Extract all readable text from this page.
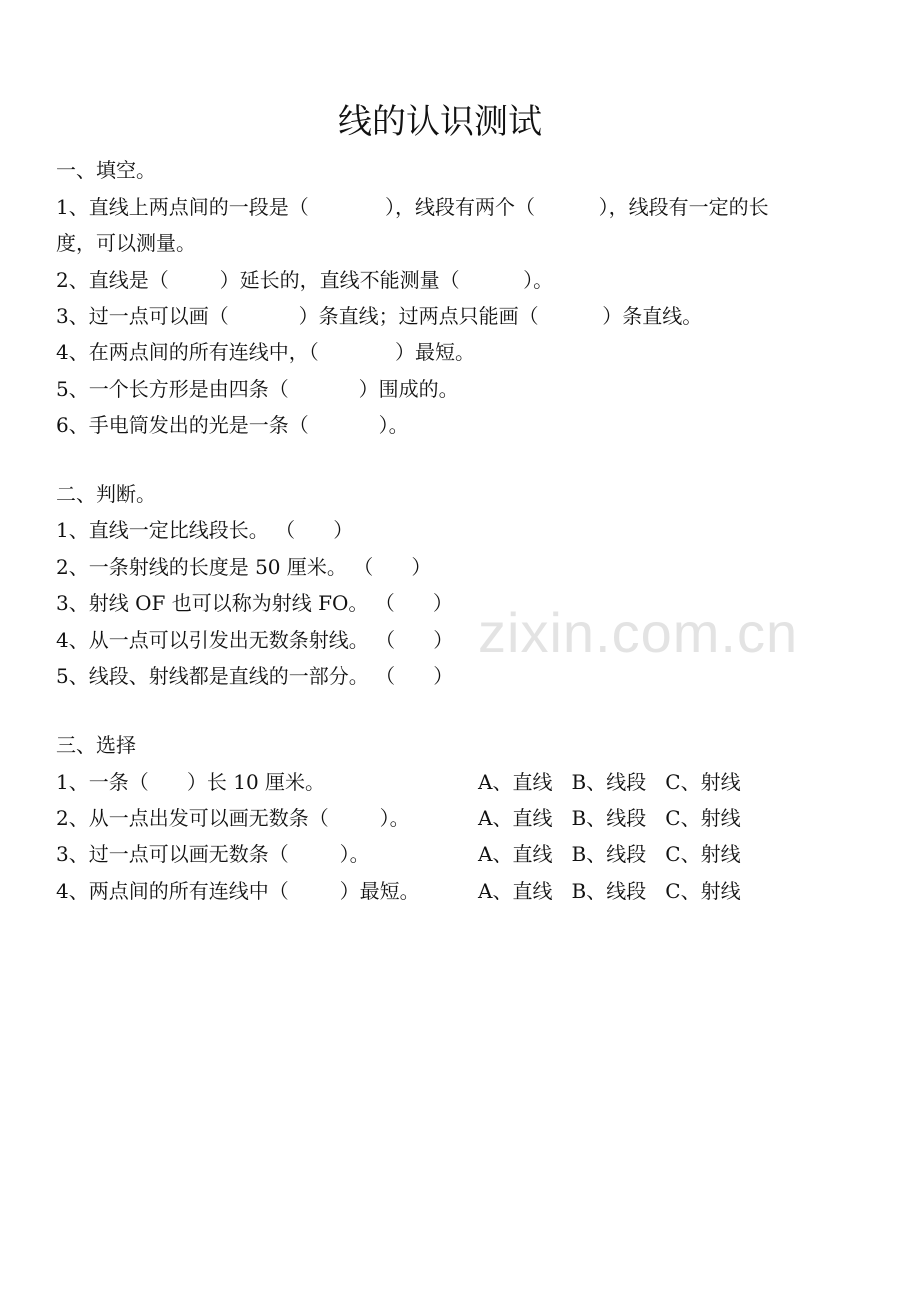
zixin.com.cn
线的认识测试
一、填空。
1、直线上两点间的一段是（            ），线段有两个（          ），线段有一定的长
度，可以测量。
2、直线是（        ）延长的，直线不能测量（          ）。
3、过一点可以画（           ）条直线；过两点只能画（          ）条直线。
4、在两点间的所有连线中，（            ）最短。
5、一个长方形是由四条（           ）围成的。
6、手电筒发出的光是一条（           ）。
二、判断。
1、直线一定比线段长。 （      ）
2、一条射线的长度是 50 厘米。 （      ）
3、射线 OF 也可以称为射线 FO。 （      ）
4、从一点可以引发出无数条射线。 （      ）
5、线段、射线都是直线的一部分。 （      ）
三、选择
1、一条（      ）长 10 厘米。	A、直线   B、线段   C、射线
2、从一点出发可以画无数条（        ）。	A、直线   B、线段   C、射线
3、过一点可以画无数条（        ）。	A、直线   B、线段   C、射线
4、两点间的所有连线中（        ）最短。	A、直线   B、线段   C、射线
